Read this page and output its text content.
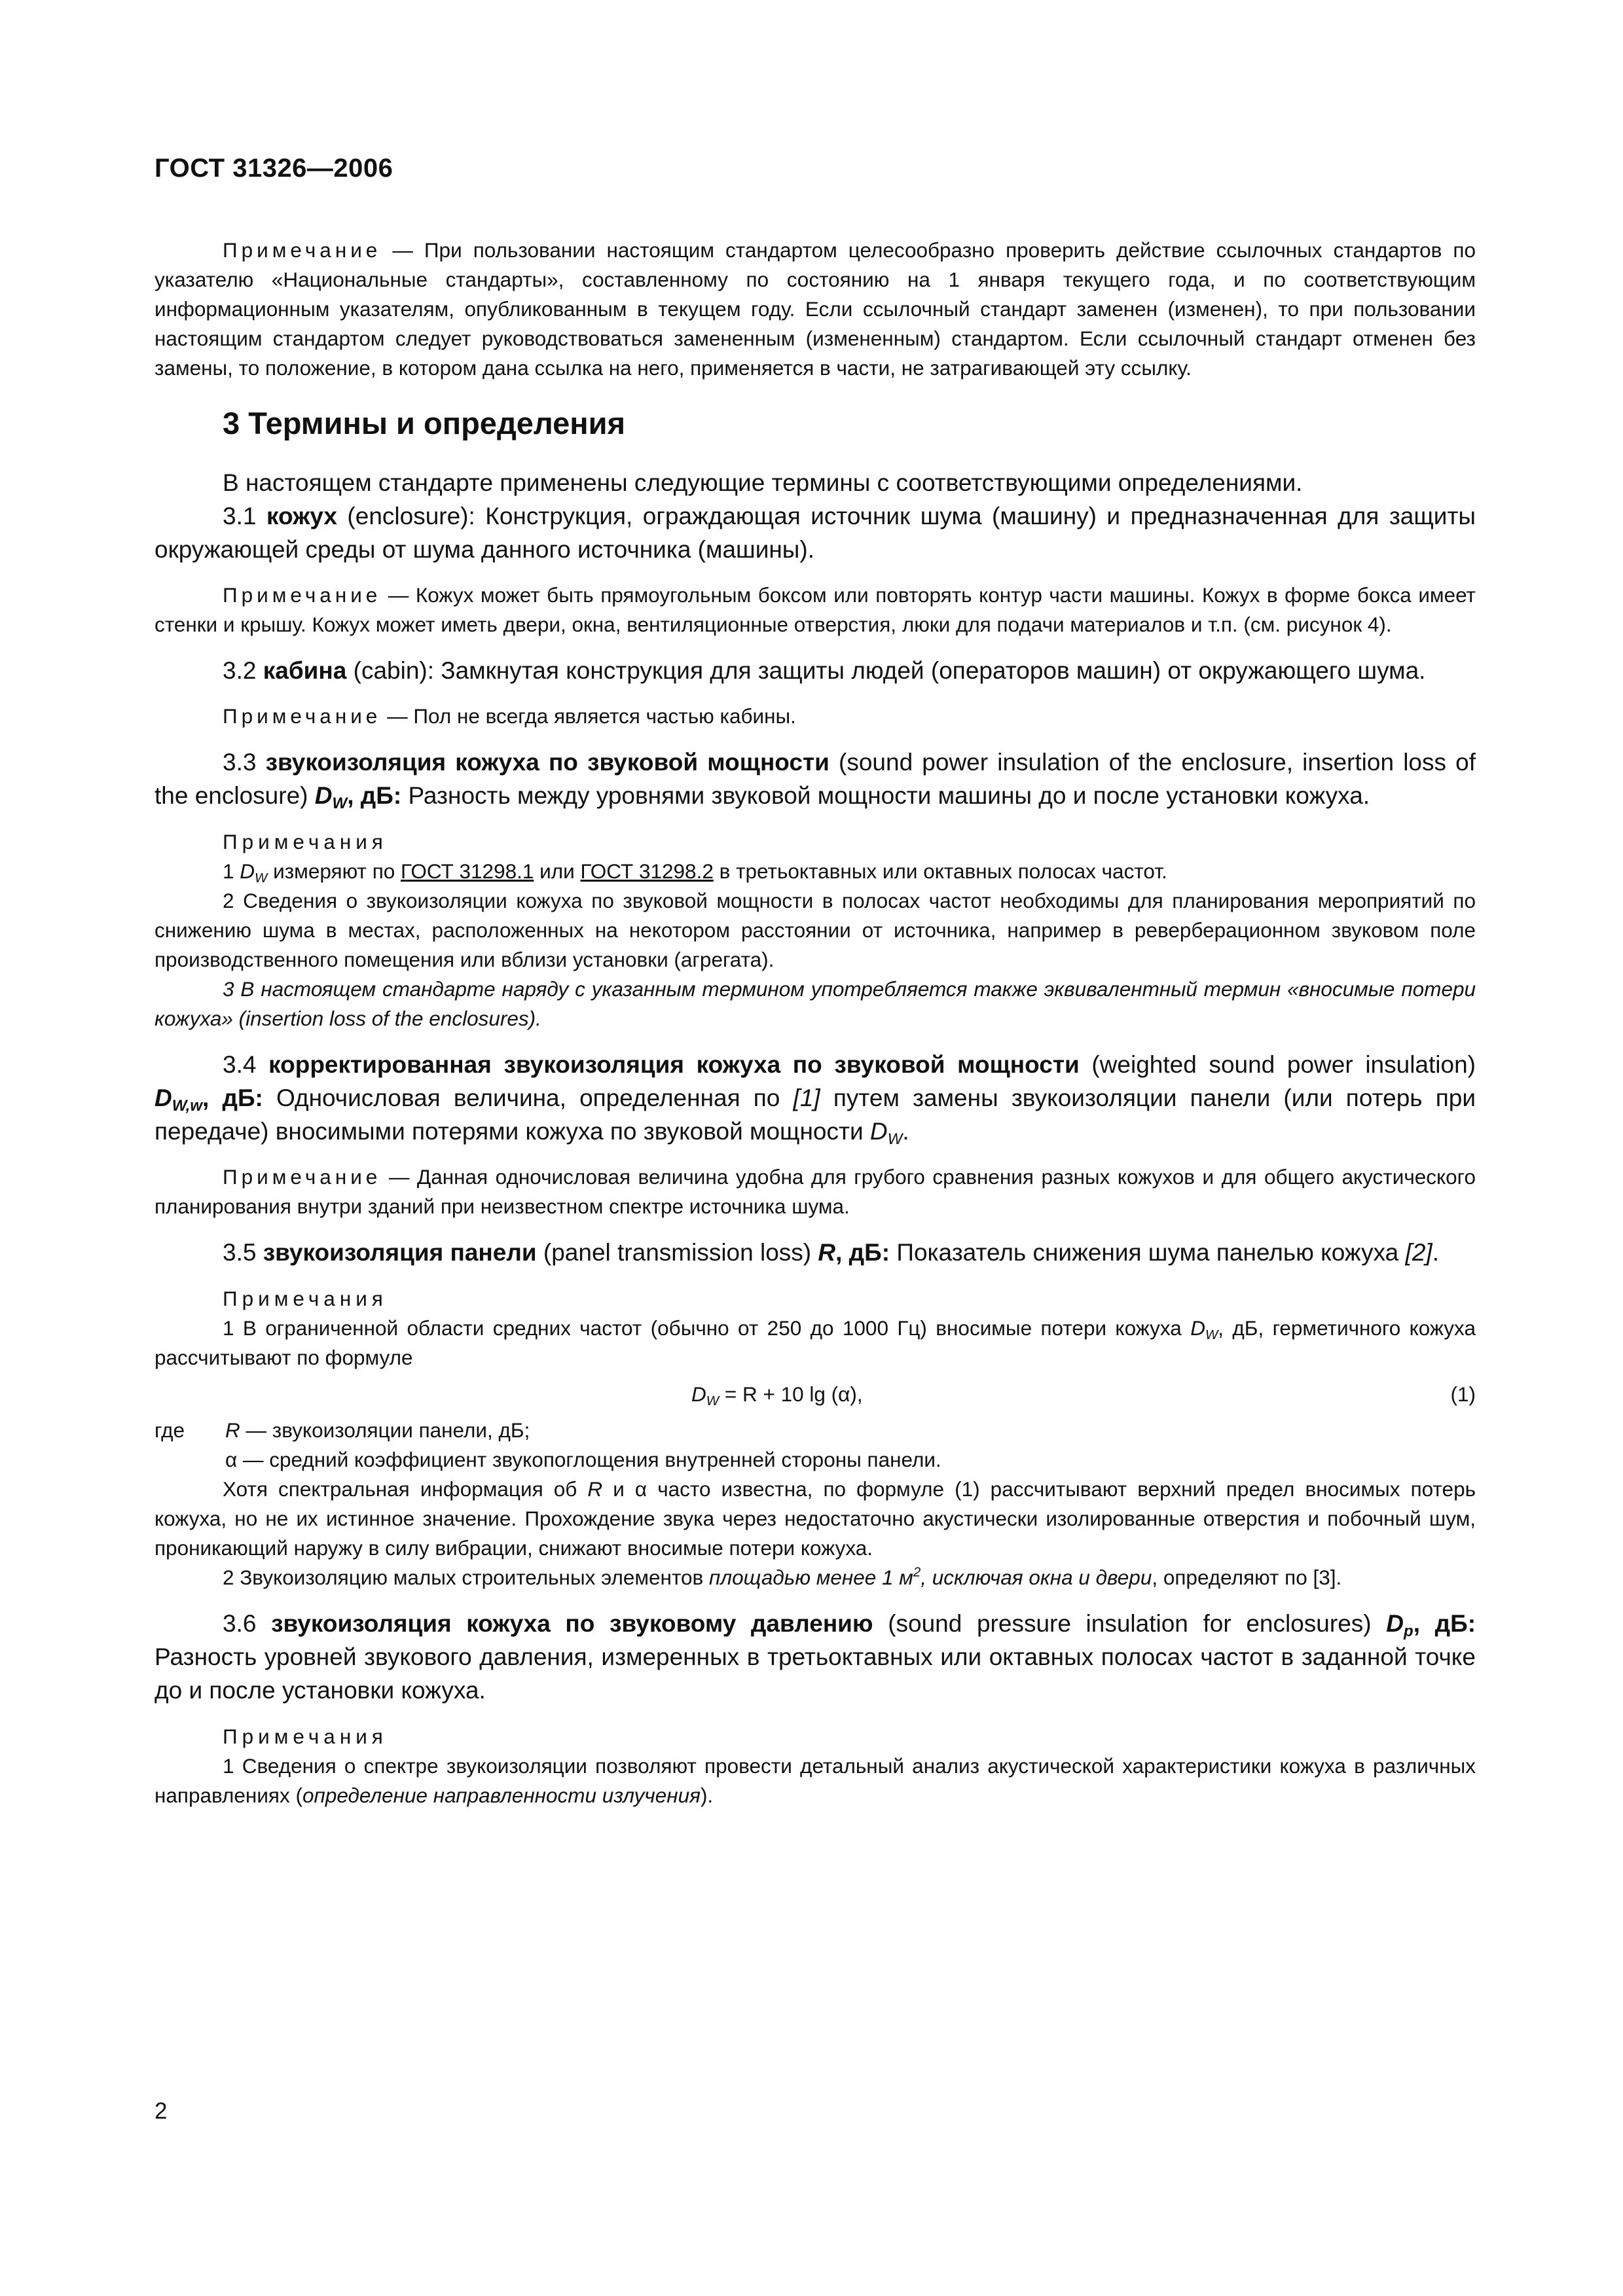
ГОСТ 31326—2006

Примечание — При пользовании настоящим стандартом целесообразно проверить действие ссылочных стандартов по указателю «Национальные стандарты», составленному по состоянию на 1 января текущего года, и по соответствующим информационным указателям, опубликованным в текущем году. Если ссылочный стандарт заменен (изменен), то при пользовании настоящим стандартом следует руководствоваться замененным (измененным) стандартом. Если ссылочный стандарт отменен без замены, то положение, в котором дана ссылка на него, применяется в части, не затрагивающей эту ссылку.

3 Термины и определения

В настоящем стандарте применены следующие термины с соответствующими определениями.

3.1 кожух (enclosure): Конструкция, ограждающая источник шума (машину) и предназначенная для защиты окружающей среды от шума данного источника (машины).

Примечание — Кожух может быть прямоугольным боксом или повторять контур части машины. Кожух в форме бокса имеет стенки и крышу. Кожух может иметь двери, окна, вентиляционные отверстия, люки для подачи материалов и т.п. (см. рисунок 4).

3.2 кабина (cabin): Замкнутая конструкция для защиты людей (операторов машин) от окружающего шума.

Примечание — Пол не всегда является частью кабины.

3.3 звукоизоляция кожуха по звуковой мощности (sound power insulation of the enclosure, insertion loss of the enclosure) $D_W$, дБ: Разность между уровнями звуковой мощности машины до и после установки кожуха.

Примечания

1 $D_W$ измеряют по ГОСТ 31298.1 или ГОСТ 31298.2 в третьоктавных или октавных полосах частот.

2 Сведения о звукоизоляции кожуха по звуковой мощности в полосах частот необходимы для планирования мероприятий по снижению шума в местах, расположенных на некотором расстоянии от источника, например в реверберационном звуковом поле производственного помещения или вблизи установки (агрегата).

3 В настоящем стандарте наряду с указанным термином употребляется также эквивалентный термин «вносимые потери кожуха» (insertion loss of the enclosures).

3.4 корректированная звукоизоляция кожуха по звуковой мощности (weighted sound power insulation) $D_{W,w}$, дБ: Одночисловая величина, определенная по [1] путем замены звукоизоляции панели (или потерь при передаче) вносимыми потерями кожуха по звуковой мощности $D_W$.

Примечание — Данная одночисловая величина удобна для грубого сравнения разных кожухов и для общего акустического планирования внутри зданий при неизвестном спектре источника шума.

3.5 звукоизоляция панели (panel transmission loss) R, дБ: Показатель снижения шума панелью кожуха [2].

Примечания

1 В ограниченной области средних частот (обычно от 250 до 1000 Гц) вносимые потери кожуха $D_W$, дБ, герметичного кожуха рассчитывают по формуле

$D_W = R + 10$ lg (α),	(1)
где R — звукоизоляции панели, дБ;
α — средний коэффициент звукопоглощения внутренней стороны панели.

Хотя спектральная информация об R и α часто известна, по формуле (1) рассчитывают верхний предел вносимых потерь кожуха, но не их истинное значение. Прохождение звука через недостаточно акустически изолированные отверстия и побочный шум, проникающий наружу в силу вибрации, снижают вносимые потери кожуха.

2 Звукоизоляцию малых строительных элементов площадью менее 1 $м^2$, исключая окна и двери, определяют по [3].

3.6 звукоизоляция кожуха по звуковому давлению (sound pressure insulation for enclosures) $D_p$, дБ: Разность уровней звукового давления, измеренных в третьоктавных или октавных полосах частот в заданной точке до и после установки кожуха.

Примечания

1 Сведения о спектре звукоизоляции позволяют провести детальный анализ акустической характеристики кожуха в различных направлениях (определение направленности излучения).

2
